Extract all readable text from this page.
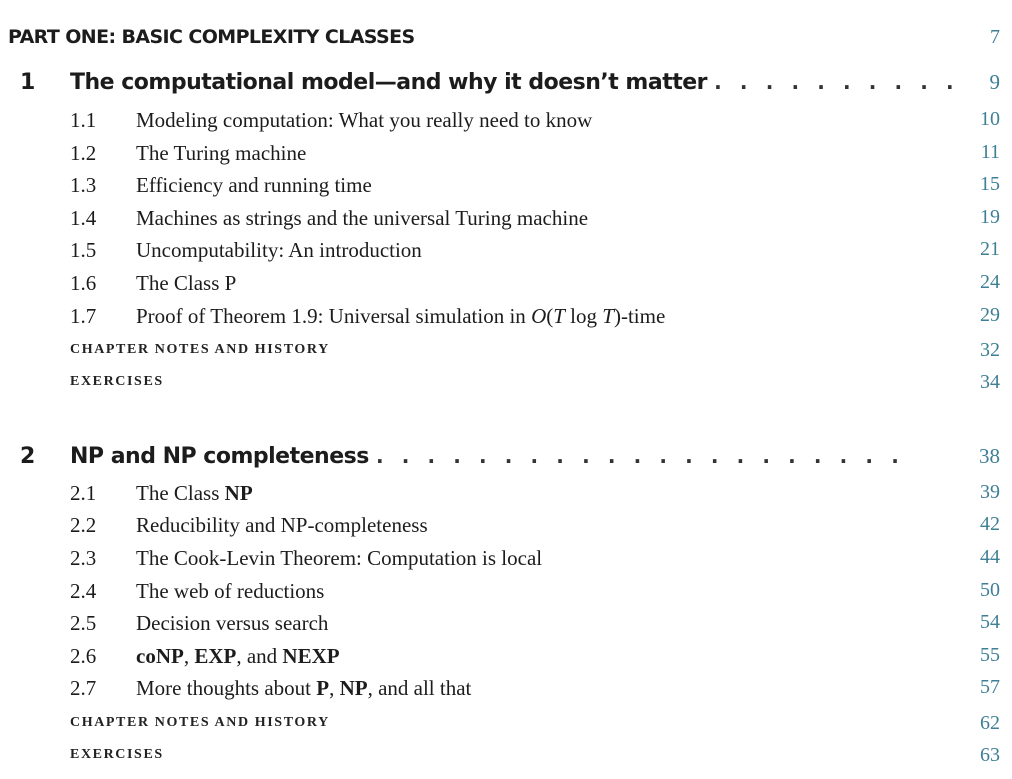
PART ONE: BASIC COMPLEXITY CLASSES	7
1 The computational model—and why it doesn’t matter . . . . . . . . . . 9
1.1 Modeling computation: What you really need to know	10
1.2 The Turing machine	11
1.3 Efficiency and running time	15
1.4 Machines as strings and the universal Turing machine	19
1.5 Uncomputability: An introduction	21
1.6 The Class P	24
1.7 Proof of Theorem 1.9: Universal simulation in O(T log T)-time	29
CHAPTER NOTES AND HISTORY	32
EXERCISES	34
2 NP and NP completeness . . . . . . . . . . . . . . . . . . . . .	38
2.1 The Class NP	39
2.2 Reducibility and NP-completeness	42
2.3 The Cook-Levin Theorem: Computation is local	44
2.4 The web of reductions	50
2.5 Decision versus search	54
2.6 coNP, EXP, and NEXP	55
2.7 More thoughts about P, NP, and all that	57
CHAPTER NOTES AND HISTORY	62
EXERCISES	63
